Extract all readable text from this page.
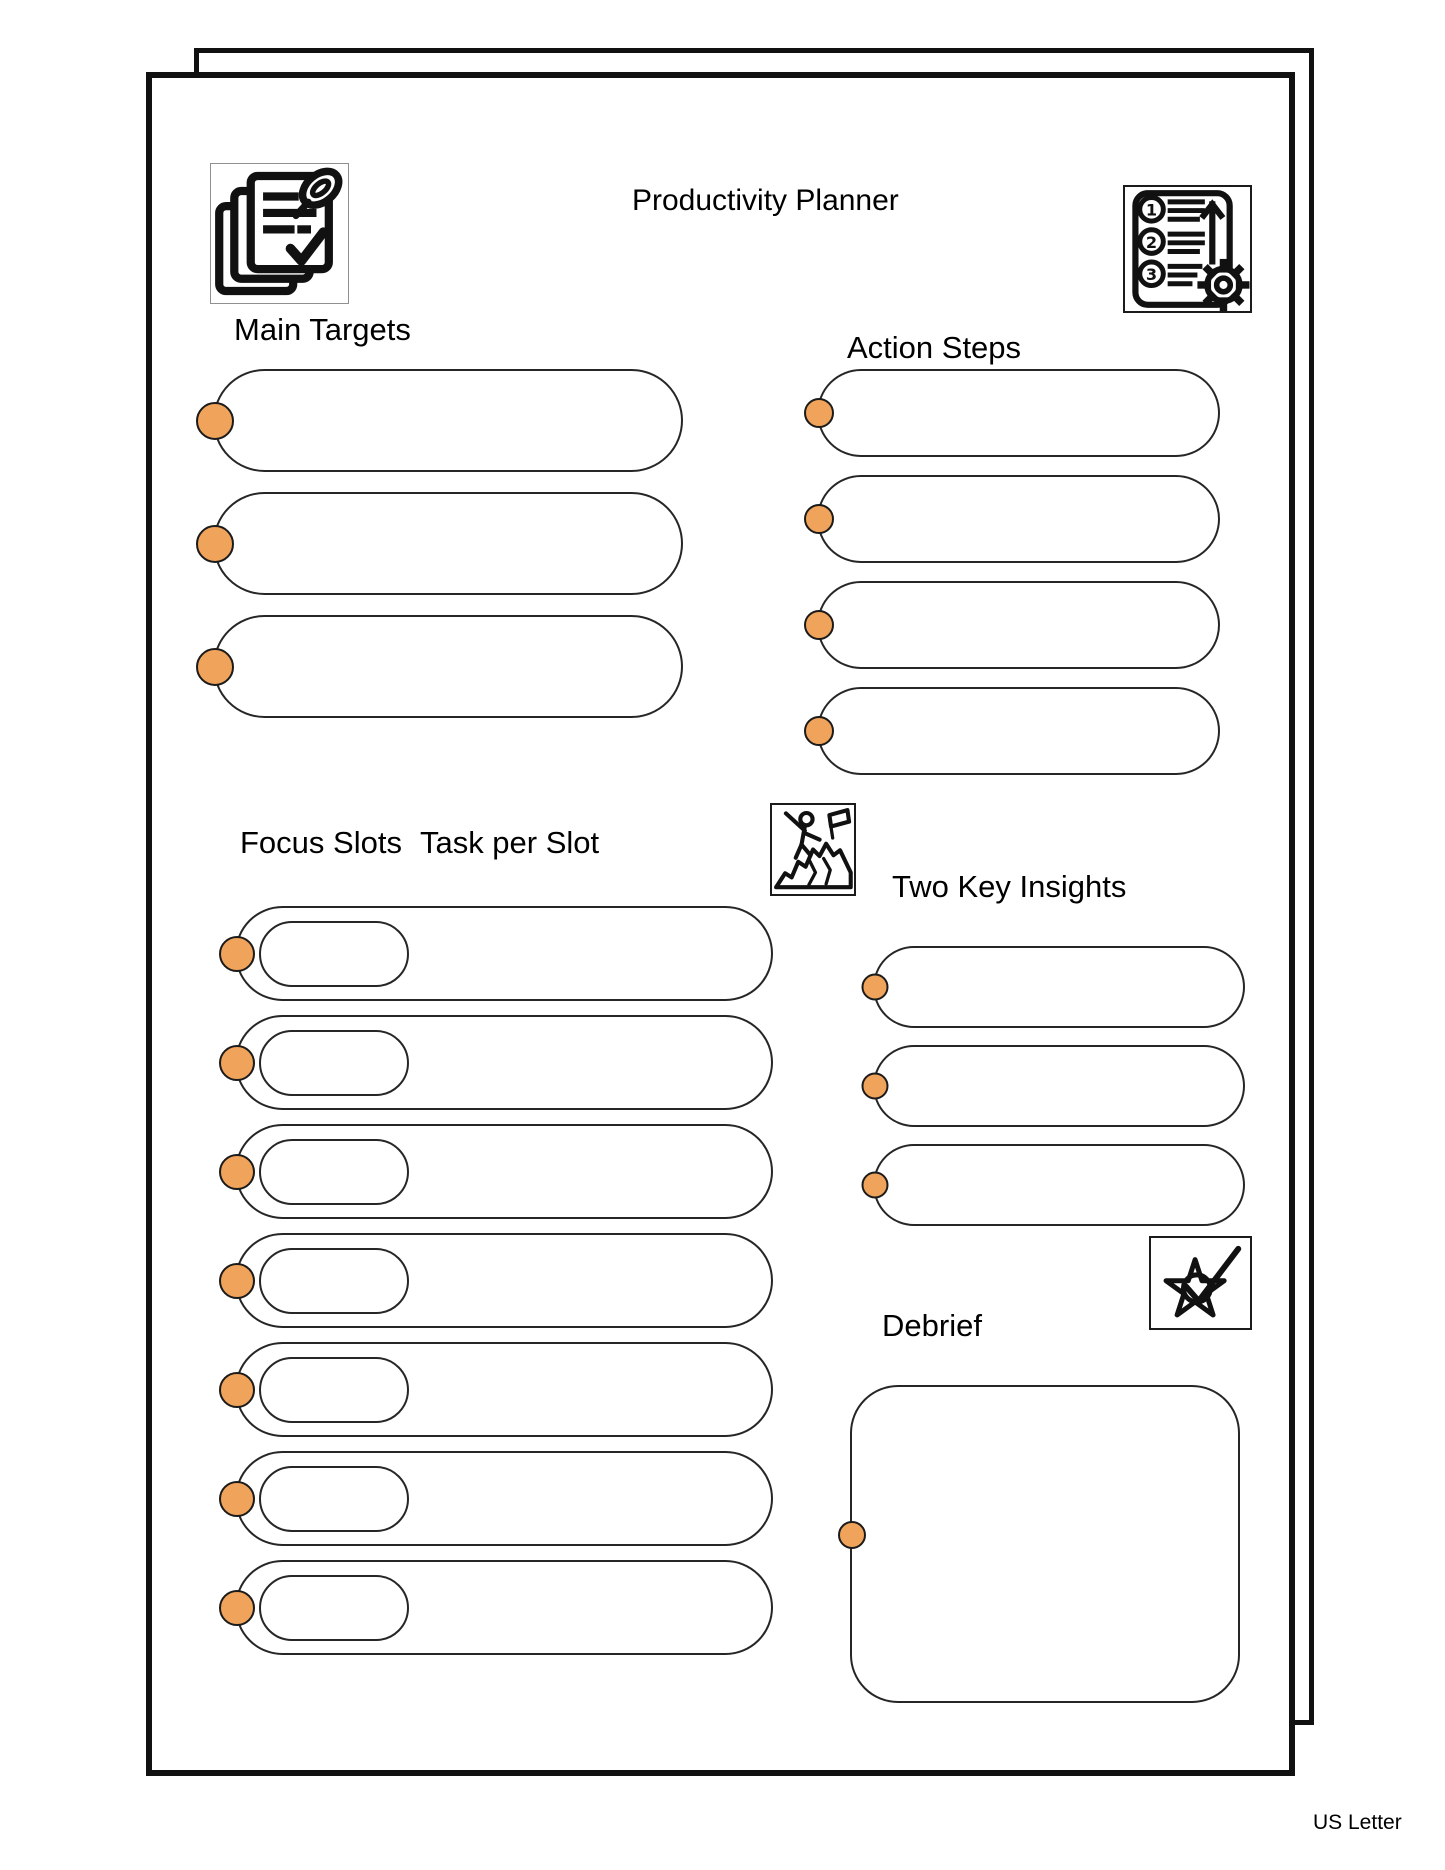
Productivity Planner	1
2
3
Main Targets
Action Steps
Focus Slots Task per Slot
Two Key Insights
Debrief
US Letter
